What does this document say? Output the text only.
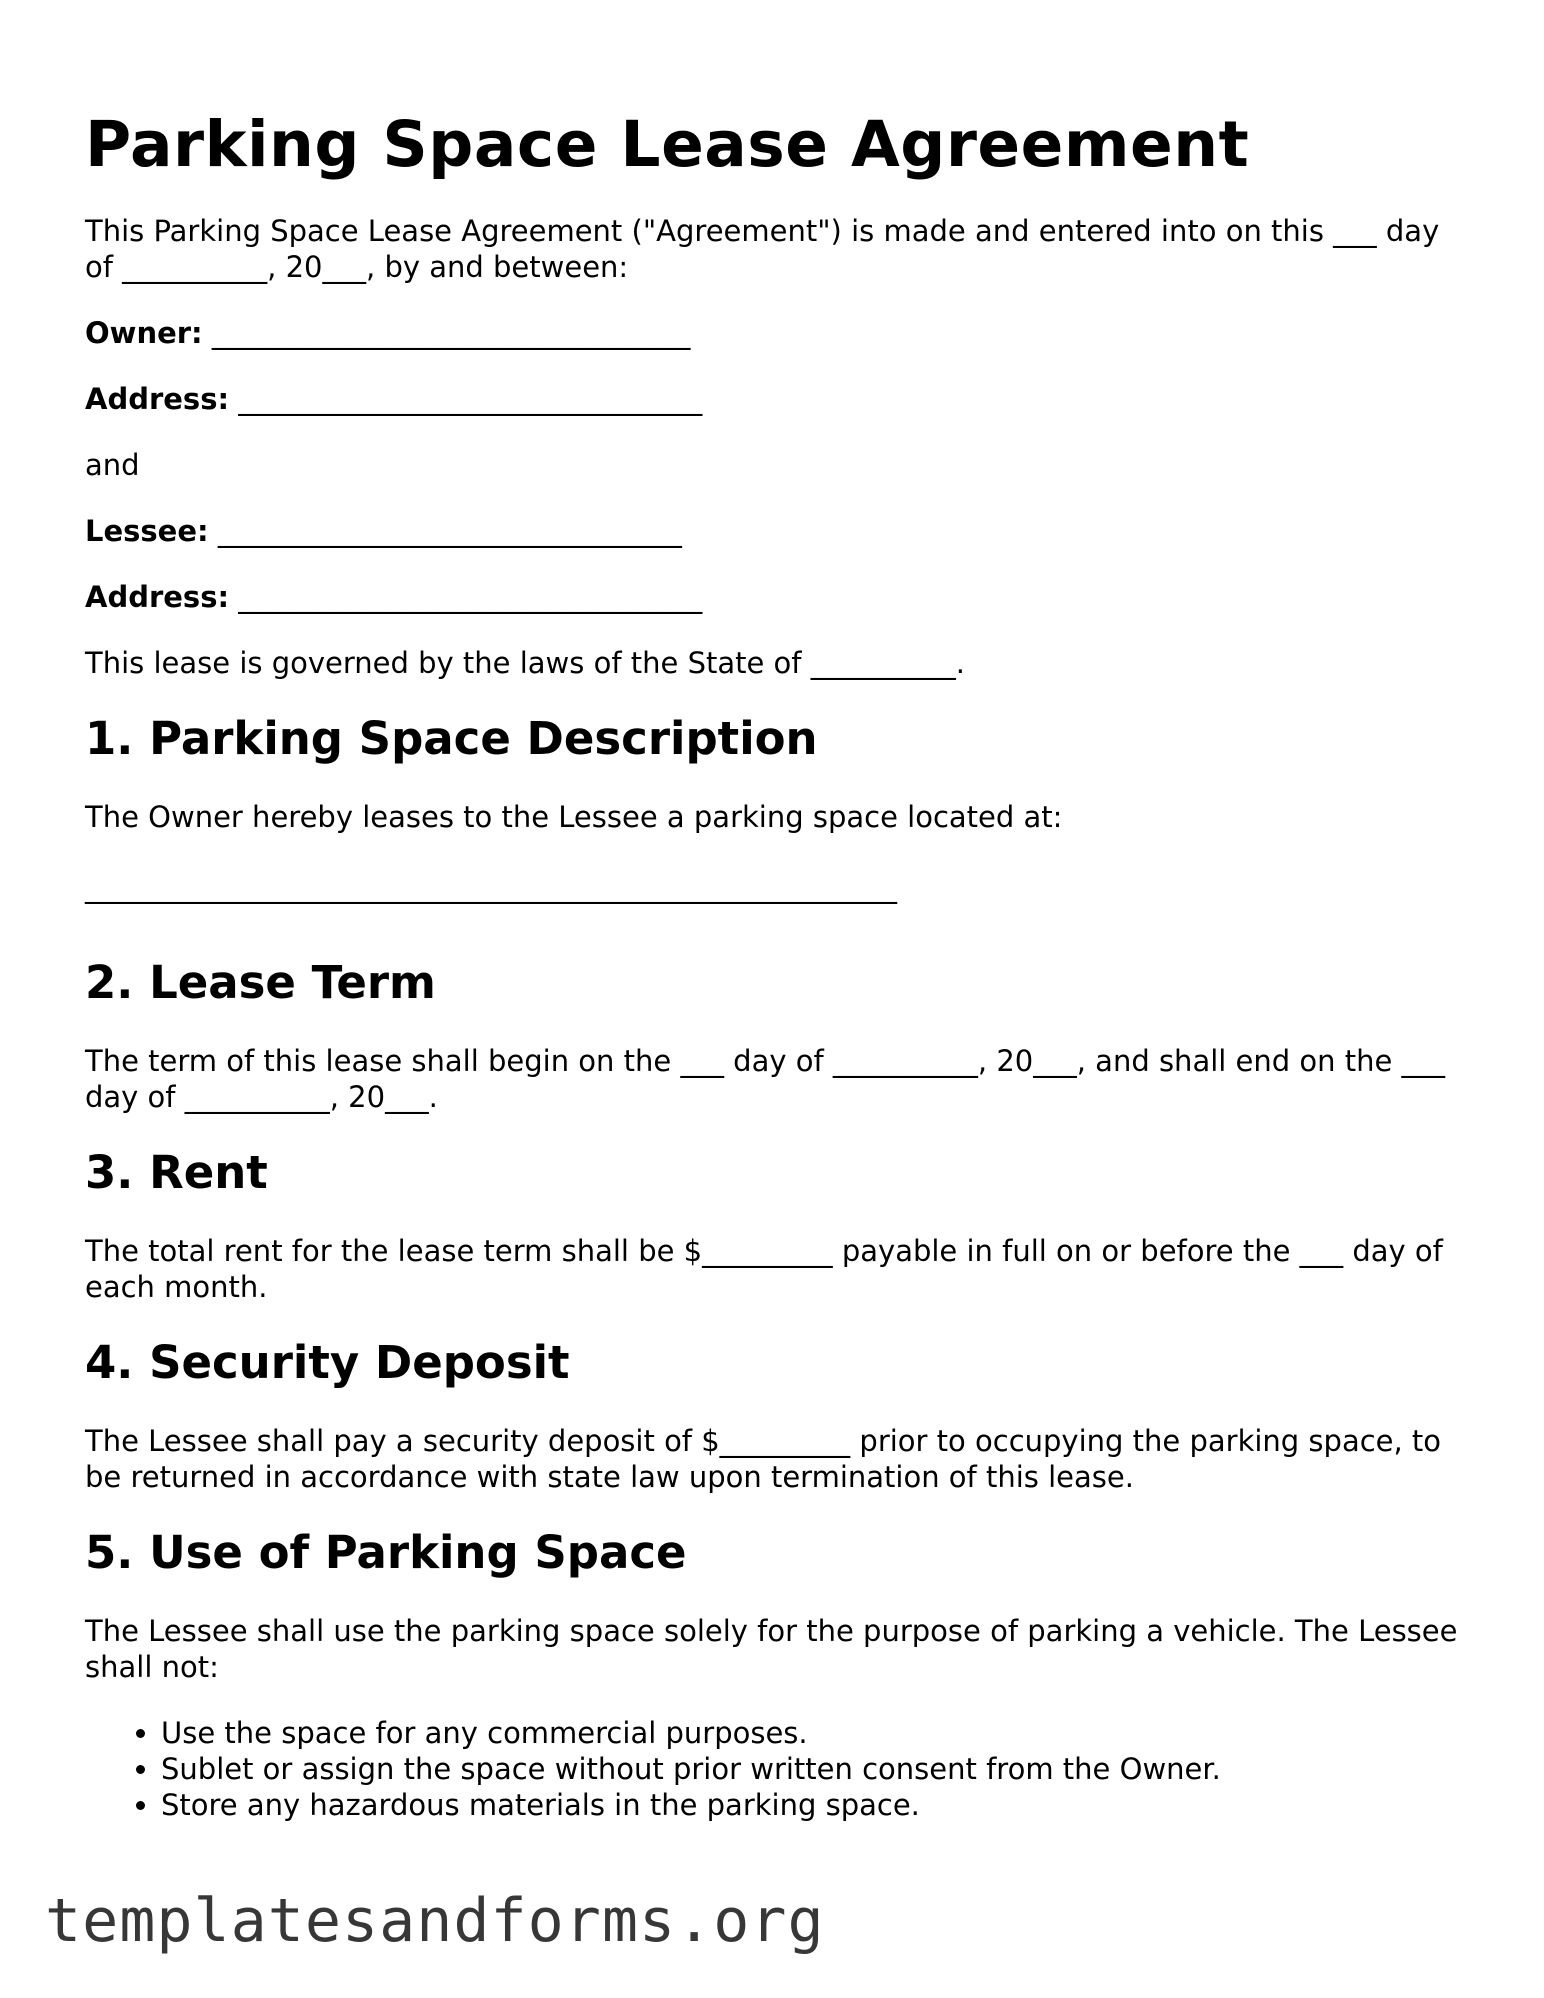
Parking Space Lease Agreement

This Parking Space Lease Agreement ("Agreement") is made and entered into on this ___ day of __________, 20___, by and between:

Owner: _________________________________

Address: ________________________________

and

Lessee: ________________________________

Address: ________________________________

This lease is governed by the laws of the State of __________.

1. Parking Space Description

The Owner hereby leases to the Lessee a parking space located at:

________________________________________________________

2. Lease Term

The term of this lease shall begin on the ___ day of __________, 20___, and shall end on the ___ day of __________, 20___.

3. Rent

The total rent for the lease term shall be $_________ payable in full on or before the ___ day of each month.

4. Security Deposit

The Lessee shall pay a security deposit of $_________ prior to occupying the parking space, to be returned in accordance with state law upon termination of this lease.

5. Use of Parking Space

The Lessee shall use the parking space solely for the purpose of parking a vehicle. The Lessee shall not:

• Use the space for any commercial purposes.
• Sublet or assign the space without prior written consent from the Owner.
• Store any hazardous materials in the parking space.
templatesandforms.org
